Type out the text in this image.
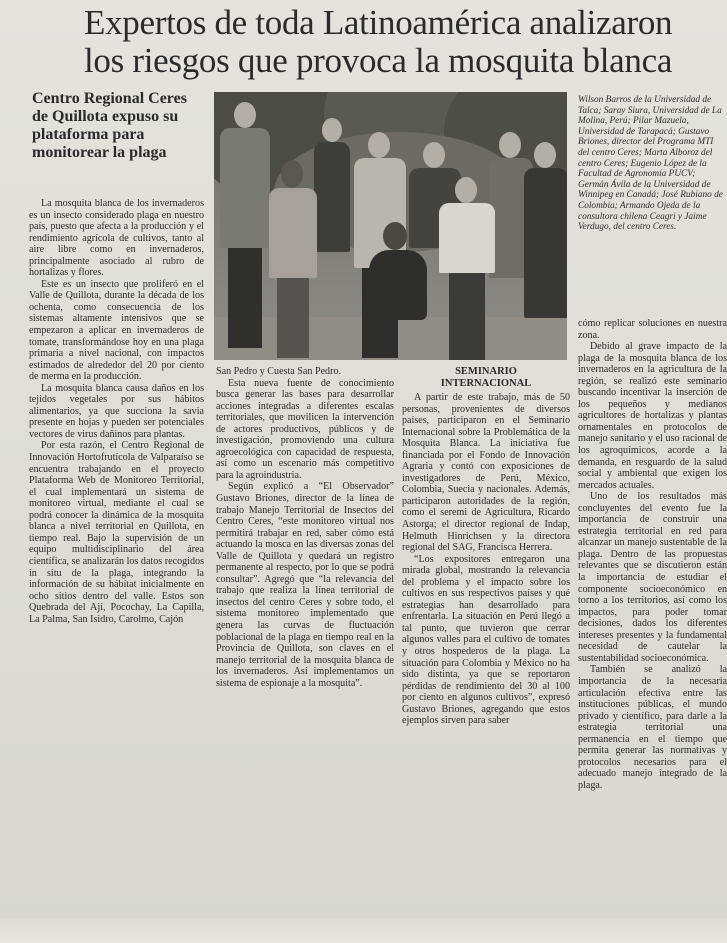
Expertos de toda Latinoamérica analizaron
los riesgos que provoca la mosquita blanca
Centro Regional Ceres de Quillota expuso su plataforma para monitorear la plaga

La mosquita blanca de los invernaderos es un insecto considerado plaga en nuestro país, puesto que afecta a la producción y el rendimiento agrícola de cultivos, tanto al aire libre como en invernaderos, principalmente asociado al rubro de hortalizas y flores.

Este es un insecto que proliferó en el Valle de Quillota, durante la década de los ochenta, como consecuencia de los sistemas altamente intensivos que se empezaron a aplicar en invernaderos de tomate, transformándose hoy en una plaga primaria a nivel nacional, con impactos estimados de alrededor del 20 por ciento de merma en la producción.

La mosquita blanca causa daños en los tejidos vegetales por sus hábitos alimentarios, ya que succiona la savia presente en hojas y pueden ser potenciales vectores de virus dañinos para plantas.

Por esta razón, el Centro Regional de Innovación Hortofrutícola de Valparaíso se encuentra trabajando en el proyecto Plataforma Web de Monitoreo Territorial, el cual implementará un sistema de monitoreo virtual, mediante el cual se podrá conocer la dinámica de la mosquita blanca a nivel territorial en Quillota, en tiempo real. Bajo la supervisión de un equipo multidisciplinario del área científica, se analizarán los datos recogidos in situ de la plaga, integrando la información de su hábitat inicialmente en ocho sitios dentro del valle. Estos son Quebrada del Ají, Pocochay, La Capilla, La Palma, San Isidro, Carolmo, Cajón

Wilson Barros de la Universidad de Talca; Saray Siura, Universidad de La Molina, Perú; Pilar Mazuela, Universidad de Tarapacá; Gustavo Briones, director del Programa MTI del centro Ceres; Marta Alboroz del centro Ceres; Eugenio López de la Facultad de Agronomía PUCV; Germán Ávila de la Universidad de Winnipeg en Canadá; José Rubiano de Colombia; Armando Ojeda de la consultora chilena Ceagri y Jaime Verdugo, del centro Ceres.

San Pedro y Cuesta San Pedro.

Esta nueva fuente de conocimiento busca generar las bases para desarrollar acciones integradas a diferentes escalas territoriales, que movilicen la intervención de actores productivos, públicos y de investigación, promoviendo una cultura agroecológica con capacidad de respuesta, así como un escenario más competitivo para la agroindustria.

Según explicó a “El Observador” Gustavo Briones, director de la línea de trabajo Manejo Territorial de Insectos del Centro Ceres, “este monitoreo virtual nos permitirá trabajar en red, saber cómo está actuando la mosca en las diversas zonas del Valle de Quillota y quedará un registro permanente al respecto, por lo que se podrá consultar”. Agregó que “la relevancia del trabajo que realiza la línea territorial de insectos del centro Ceres y sobre todo, el sistema monitoreo implementado que genera las curvas de fluctuación poblacional de la plaga en tiempo real en la Provincia de Quillota, son claves en el manejo territorial de la mosquita blanca de los invernaderos. Así implementamos un sistema de espionaje a la mosquita”.

SEMINARIO
INTERNACIONAL

A partir de este trabajo, más de 50 personas, provenientes de diversos países, participaron en el Seminario Internacional sobre la Problemática de la Mosquita Blanca. La iniciativa fue financiada por el Fondo de Innovación Agraria y contó con exposiciones de investigadores de Perú, México, Colombia, Suecia y nacionales. Además, participaron autoridades de la región, como el seremi de Agricultura, Ricardo Astorga; el director regional de Indap, Helmuth Hinrichsen y la directora regional del SAG, Francisca Herrera.

“Los expositores entregaron una mirada global, mostrando la relevancia del problema y el impacto sobre los cultivos en sus respectivos países y qué estrategias han desarrollado para enfrentarla. La situación en Perú llegó a tal punto, que tuvieron que cerrar algunos valles para el cultivo de tomates y otros hospederos de la plaga. La situación para Colombia y México no ha sido distinta, ya que se reportaron pérdidas de rendimiento del 30 al 100 por ciento en algunos cultivos”, expresó Gustavo Briones, agregando que estos ejemplos sirven para saber

cómo replicar soluciones en nuestra zona.

Debido al grave impacto de la plaga de la mosquita blanca de los invernaderos en la agricultura de la región, se realizó este seminario buscando incentivar la inserción de los pequeños y medianos agricultores de hortalizas y plantas ornamentales en protocolos de manejo sanitario y el uso racional de los agroquímicos, acorde a la demanda, en resguardo de la salud social y ambiental que exigen los mercados actuales.

Uno de los resultados más concluyentes del evento fue la importancia de construir una estrategia territorial en red para alcanzar un manejo sustentable de la plaga. Dentro de las propuestas relevantes que se discutieron están la importancia de estudiar el componente socioeconómico en torno a los territorios, así como los impactos, para poder tomar decisiones, dados los diferentes intereses presentes y la fundamental necesidad de cautelar la sustentabilidad socioeconómica.

También se analizó la importancia de la necesaria articulación efectiva entre las instituciones públicas, el mundo privado y científico, para darle a la estrategia territorial una permanencia en el tiempo que permita generar las normativas y protocolos necesarios para el adecuado manejo integrado de la plaga.
